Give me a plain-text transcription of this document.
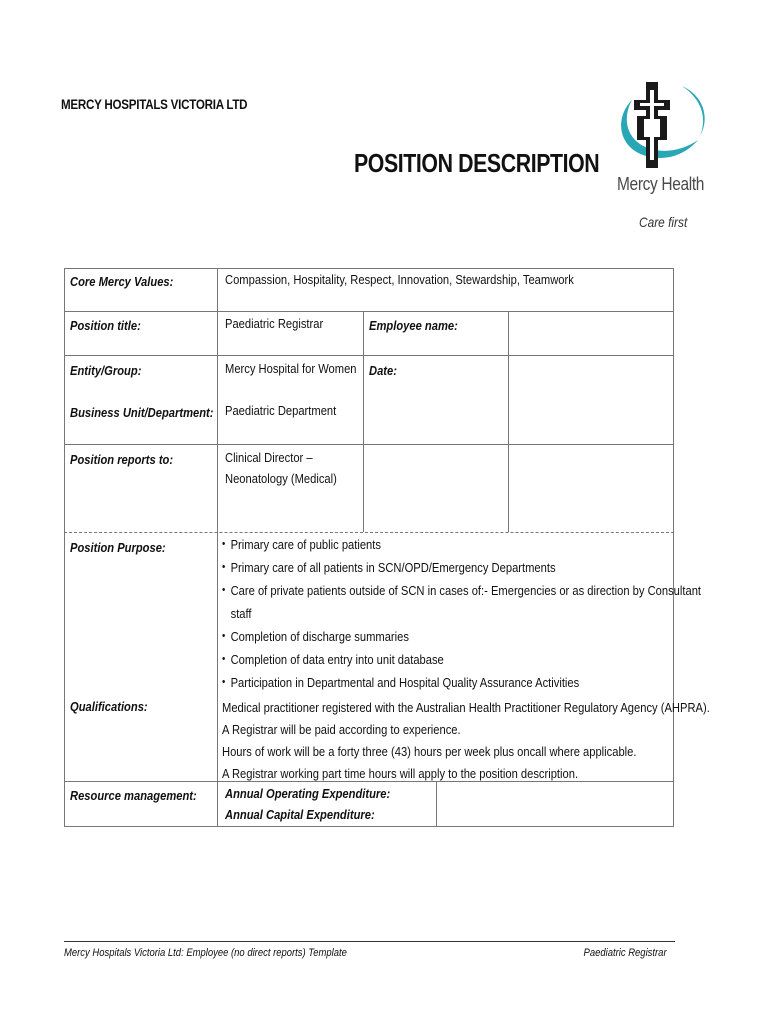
MERCY HOSPITALS VICTORIA LTD
POSITION DESCRIPTION
Mercy Health
Care first
Core Mercy Values:	Compassion, Hospitality, Respect, Innovation, Stewardship, Teamwork
Position title:	Paediatric Registrar	Employee name:
Entity/Group:	Mercy Hospital for Women Date:
Business Unit/Department: Paediatric Department
Position reports to:	Clinical Director –
Neonatology (Medical)
Position Purpose:
•	Primary care of public patients
• Primary care of all patients in SCN/OPD/Emergency Departments
• Care of private patients outside of SCN in cases of:- Emergencies or as direction by Consultant
staff
• Completion of discharge summaries
• Completion of data entry into unit database
• Participation in Departmental and Hospital Quality Assurance Activities
Qualifications:	Medical practitioner registered with the Australian Health Practitioner Regulatory Agency (AHPRA).
A Registrar will be paid according to experience.
Hours of work will be a forty three (43) hours per week plus oncall where applicable.
A Registrar working part time hours will apply to the position description.
Resource management: Annual Operating Expenditure:
Annual Capital Expenditure:
Mercy Hospitals Victoria Ltd: Employee (no direct reports) Template	Paediatric Registrar
